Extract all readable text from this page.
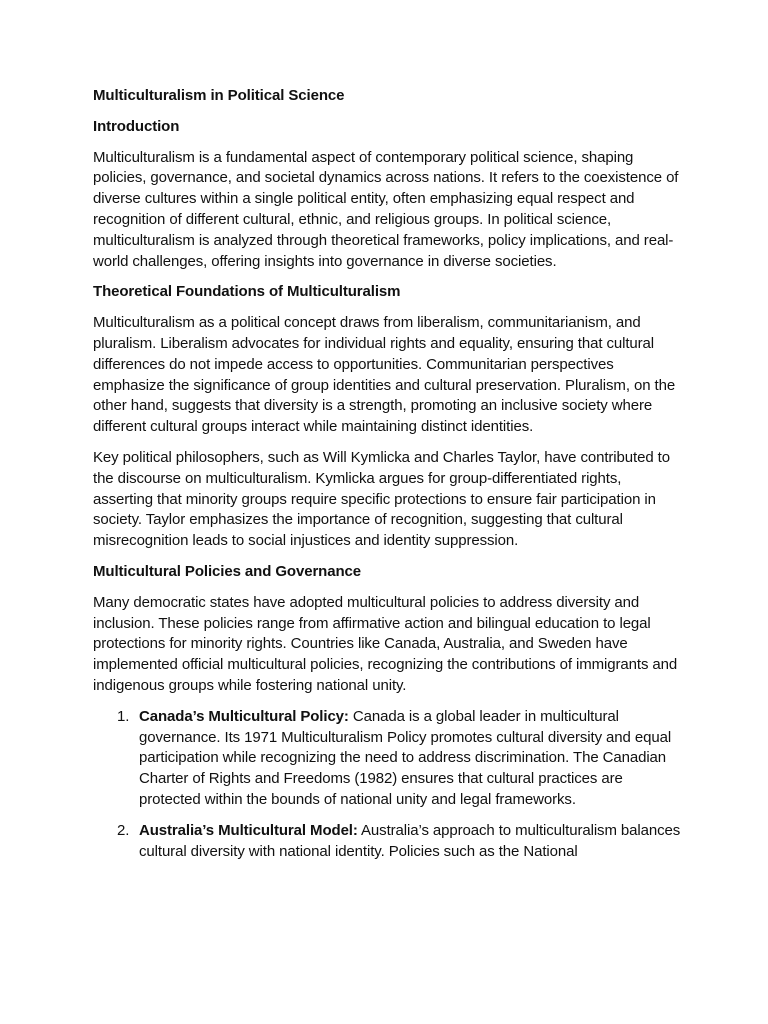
Multiculturalism in Political Science

Introduction

Multiculturalism is a fundamental aspect of contemporary political science, shaping policies, governance, and societal dynamics across nations. It refers to the coexistence of diverse cultures within a single political entity, often emphasizing equal respect and recognition of different cultural, ethnic, and religious groups. In political science, multiculturalism is analyzed through theoretical frameworks, policy implications, and real-world challenges, offering insights into governance in diverse societies.

Theoretical Foundations of Multiculturalism

Multiculturalism as a political concept draws from liberalism, communitarianism, and pluralism. Liberalism advocates for individual rights and equality, ensuring that cultural differences do not impede access to opportunities. Communitarian perspectives emphasize the significance of group identities and cultural preservation. Pluralism, on the other hand, suggests that diversity is a strength, promoting an inclusive society where different cultural groups interact while maintaining distinct identities.

Key political philosophers, such as Will Kymlicka and Charles Taylor, have contributed to the discourse on multiculturalism. Kymlicka argues for group-differentiated rights, asserting that minority groups require specific protections to ensure fair participation in society. Taylor emphasizes the importance of recognition, suggesting that cultural misrecognition leads to social injustices and identity suppression.

Multicultural Policies and Governance

Many democratic states have adopted multicultural policies to address diversity and inclusion. These policies range from affirmative action and bilingual education to legal protections for minority rights. Countries like Canada, Australia, and Sweden have implemented official multicultural policies, recognizing the contributions of immigrants and indigenous groups while fostering national unity.

1. Canada’s Multicultural Policy: Canada is a global leader in multicultural governance. Its 1971 Multiculturalism Policy promotes cultural diversity and equal participation while recognizing the need to address discrimination. The Canadian Charter of Rights and Freedoms (1982) ensures that cultural practices are protected within the bounds of national unity and legal frameworks.
2. Australia’s Multicultural Model: Australia’s approach to multiculturalism balances cultural diversity with national identity. Policies such as the National
